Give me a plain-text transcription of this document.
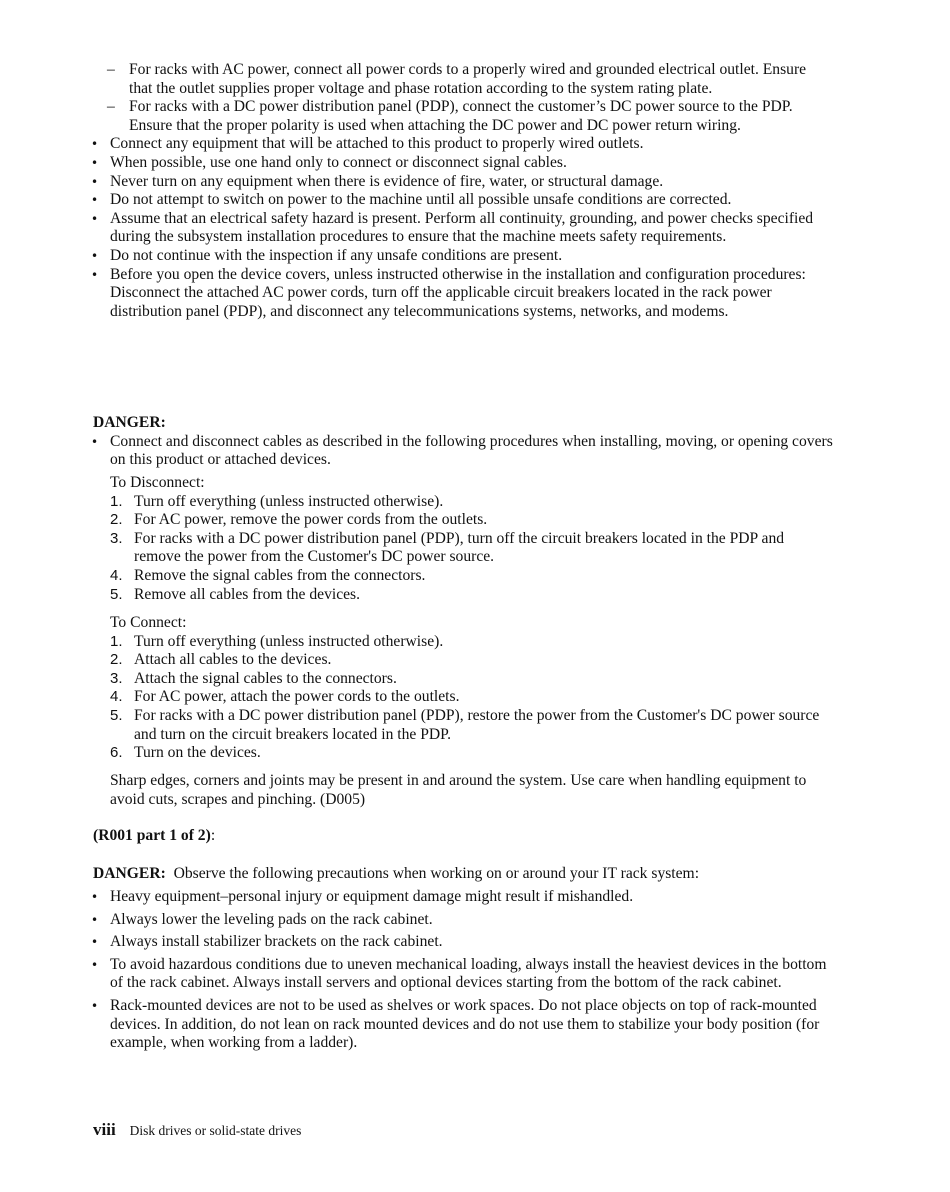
– For racks with AC power, connect all power cords to a properly wired and grounded electrical outlet. Ensure that the outlet supplies proper voltage and phase rotation according to the system rating plate.
– For racks with a DC power distribution panel (PDP), connect the customer’s DC power source to the PDP. Ensure that the proper polarity is used when attaching the DC power and DC power return wiring.
• Connect any equipment that will be attached to this product to properly wired outlets.
• When possible, use one hand only to connect or disconnect signal cables.
• Never turn on any equipment when there is evidence of fire, water, or structural damage.
• Do not attempt to switch on power to the machine until all possible unsafe conditions are corrected.
• Assume that an electrical safety hazard is present. Perform all continuity, grounding, and power checks specified during the subsystem installation procedures to ensure that the machine meets safety requirements.
• Do not continue with the inspection if any unsafe conditions are present.
• Before you open the device covers, unless instructed otherwise in the installation and configuration procedures: Disconnect the attached AC power cords, turn off the applicable circuit breakers located in the rack power distribution panel (PDP), and disconnect any telecommunications systems, networks, and modems.
DANGER:
• Connect and disconnect cables as described in the following procedures when installing, moving, or opening covers on this product or attached devices.
To Disconnect:
1. Turn off everything (unless instructed otherwise).
2. For AC power, remove the power cords from the outlets.
3. For racks with a DC power distribution panel (PDP), turn off the circuit breakers located in the PDP and remove the power from the Customer's DC power source.
4. Remove the signal cables from the connectors.
5. Remove all cables from the devices.
To Connect:
1. Turn off everything (unless instructed otherwise).
2. Attach all cables to the devices.
3. Attach the signal cables to the connectors.
4. For AC power, attach the power cords to the outlets.
5. For racks with a DC power distribution panel (PDP), restore the power from the Customer's DC power source and turn on the circuit breakers located in the PDP.
6. Turn on the devices.
Sharp edges, corners and joints may be present in and around the system. Use care when handling equipment to avoid cuts, scrapes and pinching. (D005)
(R001 part 1 of 2):
DANGER: Observe the following precautions when working on or around your IT rack system:
• Heavy equipment–personal injury or equipment damage might result if mishandled.
• Always lower the leveling pads on the rack cabinet.
• Always install stabilizer brackets on the rack cabinet.
• To avoid hazardous conditions due to uneven mechanical loading, always install the heaviest devices in the bottom of the rack cabinet. Always install servers and optional devices starting from the bottom of the rack cabinet.
• Rack-mounted devices are not to be used as shelves or work spaces. Do not place objects on top of rack-mounted devices. In addition, do not lean on rack mounted devices and do not use them to stabilize your body position (for example, when working from a ladder).
viii Disk drives or solid-state drives
